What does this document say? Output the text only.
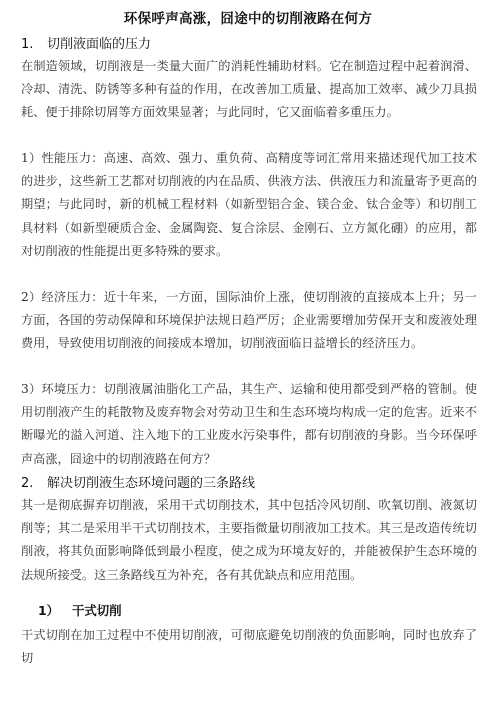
环保呼声高涨，囧途中的切削液路在何方
1. 切削液面临的压力
在制造领域，切削液是一类量大面广的消耗性辅助材料。它在制造过程中起着润滑、冷却、清洗、防锈等多种有益的作用，在改善加工质量、提高加工效率、减少刀具损耗、便于排除切屑等方面效果显著；与此同时，它又面临着多重压力。
1）性能压力：高速、高效、强力、重负荷、高精度等词汇常用来描述现代加工技术的进步，这些新工艺都对切削液的内在品质、供液方法、供液压力和流量寄予更高的期望；与此同时，新的机械工程材料（如新型铝合金、镁合金、钛合金等）和切削工具材料（如新型硬质合金、金属陶瓷、复合涂层、金刚石、立方氮化硼）的应用，都对切削液的性能提出更多特殊的要求。
2）经济压力：近十年来，一方面，国际油价上涨，使切削液的直接成本上升；另一方面，各国的劳动保障和环境保护法规日趋严厉；企业需要增加劳保开支和废液处理费用，导致使用切削液的间接成本增加，切削液面临日益增长的经济压力。
3）环境压力：切削液属油脂化工产品，其生产、运输和使用都受到严格的管制。使用切削液产生的耗散物及废弃物会对劳动卫生和生态环境均构成一定的危害。近来不断曝光的溢入河道、注入地下的工业废水污染事件，都有切削液的身影。当今环保呼声高涨，囧途中的切削液路在何方？
2. 解决切削液生态环境问题的三条路线
其一是彻底摒弃切削液，采用干式切削技术，其中包括冷风切削、吹氧切削、液氮切削等；其二是采用半干式切削技术，主要指微量切削液加工技术。其三是改造传统切削液，将其负面影响降低到最小程度，使之成为环境友好的，并能被保护生态环境的法规所接受。这三条路线互为补充，各有其优缺点和应用范围。
1） 干式切削
干式切削在加工过程中不使用切削液，可彻底避免切削液的负面影响，同时也放弃了切
